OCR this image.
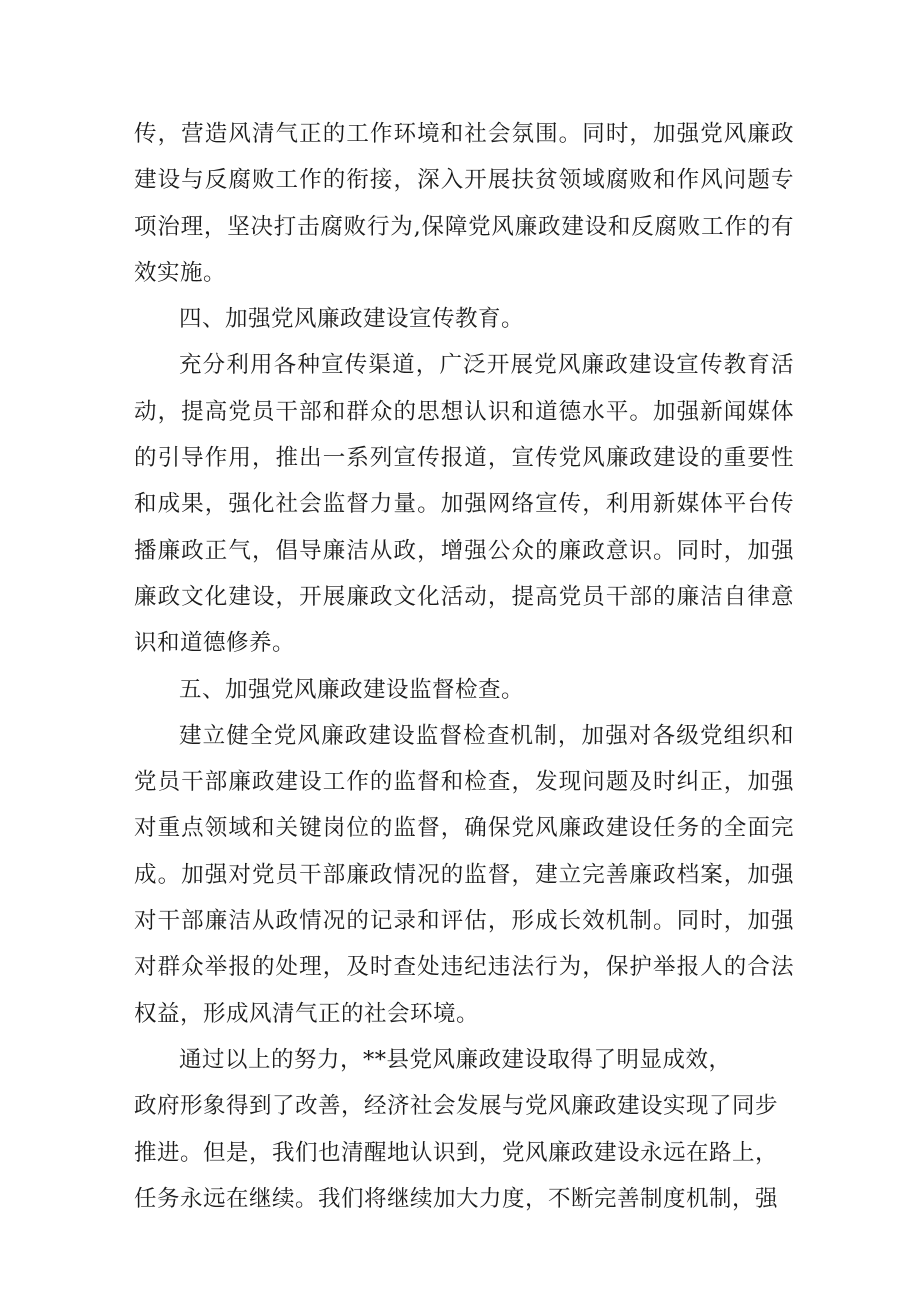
传，营造风清气正的工作环境和社会氛围。同时，加强党风廉政建设与反腐败工作的衔接，深入开展扶贫领域腐败和作风问题专项治理，坚决打击腐败行为,保障党风廉政建设和反腐败工作的有效实施。

四、加强党风廉政建设宣传教育。

充分利用各种宣传渠道，广泛开展党风廉政建设宣传教育活动，提高党员干部和群众的思想认识和道德水平。加强新闻媒体的引导作用，推出一系列宣传报道，宣传党风廉政建设的重要性和成果，强化社会监督力量。加强网络宣传，利用新媒体平台传播廉政正气，倡导廉洁从政，增强公众的廉政意识。同时，加强廉政文化建设，开展廉政文化活动，提高党员干部的廉洁自律意识和道德修养。

五、加强党风廉政建设监督检查。

建立健全党风廉政建设监督检查机制，加强对各级党组织和党员干部廉政建设工作的监督和检查，发现问题及时纠正，加强对重点领域和关键岗位的监督，确保党风廉政建设任务的全面完成。加强对党员干部廉政情况的监督，建立完善廉政档案，加强对干部廉洁从政情况的记录和评估，形成长效机制。同时，加强对群众举报的处理，及时查处违纪违法行为，保护举报人的合法权益，形成风清气正的社会环境。

通过以上的努力，**县党风廉政建设取得了明显成效，
政府形象得到了改善，经济社会发展与党风廉政建设实现了同步
推进。但是，我们也清醒地认识到，党风廉政建设永远在路上，
任务永远在继续。我们将继续加大力度，不断完善制度机制，强
